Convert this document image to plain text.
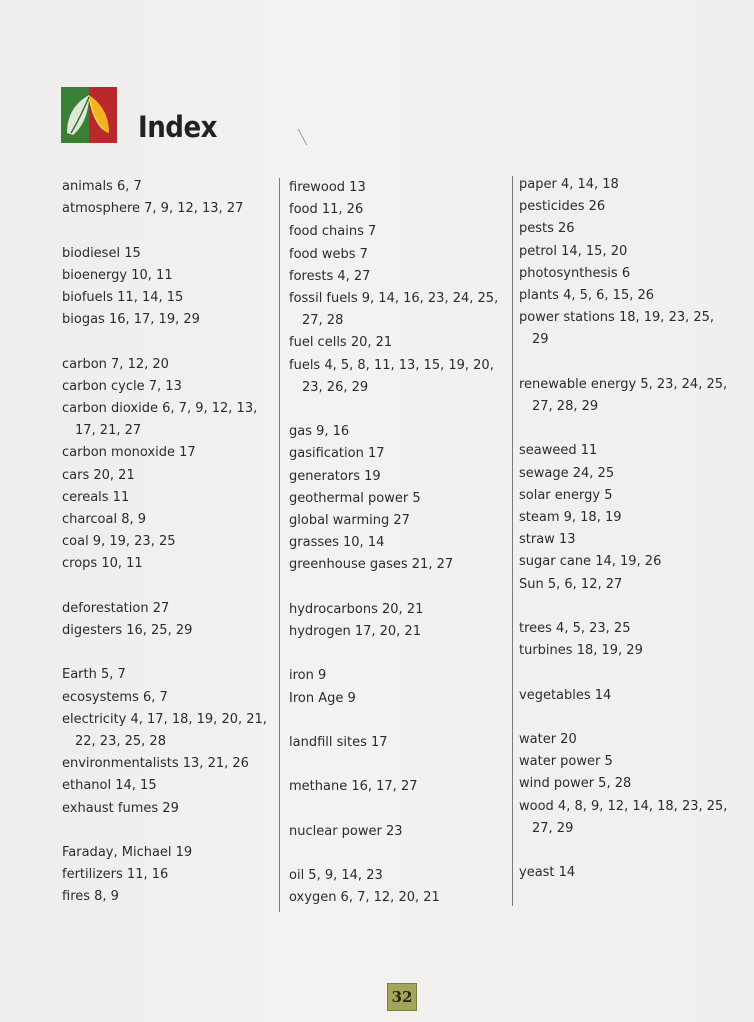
Index
animals 6, 7
atmosphere 7, 9, 12, 13, 27
biodiesel 15
bioenergy 10, 11
biofuels 11, 14, 15
biogas 16, 17, 19, 29
carbon 7, 12, 20
carbon cycle 7, 13
carbon dioxide 6, 7, 9, 12, 13,
17, 21, 27
carbon monoxide 17
cars 20, 21
cereals 11
charcoal 8, 9
coal 9, 19, 23, 25
crops 10, 11
deforestation 27
digesters 16, 25, 29
Earth 5, 7
ecosystems 6, 7
electricity 4, 17, 18, 19, 20, 21,
22, 23, 25, 28
environmentalists 13, 21, 26
ethanol 14, 15
exhaust fumes 29
Faraday, Michael 19
fertilizers 11, 16
fires 8, 9
firewood 13
food 11, 26
food chains 7
food webs 7
forests 4, 27
fossil fuels 9, 14, 16, 23, 24, 25,
27, 28
fuel cells 20, 21
fuels 4, 5, 8, 11, 13, 15, 19, 20,
23, 26, 29
gas 9, 16
gasification 17
generators 19
geothermal power 5
global warming 27
grasses 10, 14
greenhouse gases 21, 27
hydrocarbons 20, 21
hydrogen 17, 20, 21
iron 9
Iron Age 9
landfill sites 17
methane 16, 17, 27
nuclear power 23
oil 5, 9, 14, 23
oxygen 6, 7, 12, 20, 21
paper 4, 14, 18
pesticides 26
pests 26
petrol 14, 15, 20
photosynthesis 6
plants 4, 5, 6, 15, 26
power stations 18, 19, 23, 25,
29
renewable energy 5, 23, 24, 25,
27, 28, 29
seaweed 11
sewage 24, 25
solar energy 5
steam 9, 18, 19
straw 13
sugar cane 14, 19, 26
Sun 5, 6, 12, 27
trees 4, 5, 23, 25
turbines 18, 19, 29
vegetables 14
water 20
water power 5
wind power 5, 28
wood 4, 8, 9, 12, 14, 18, 23, 25,
27, 29
yeast 14
32
